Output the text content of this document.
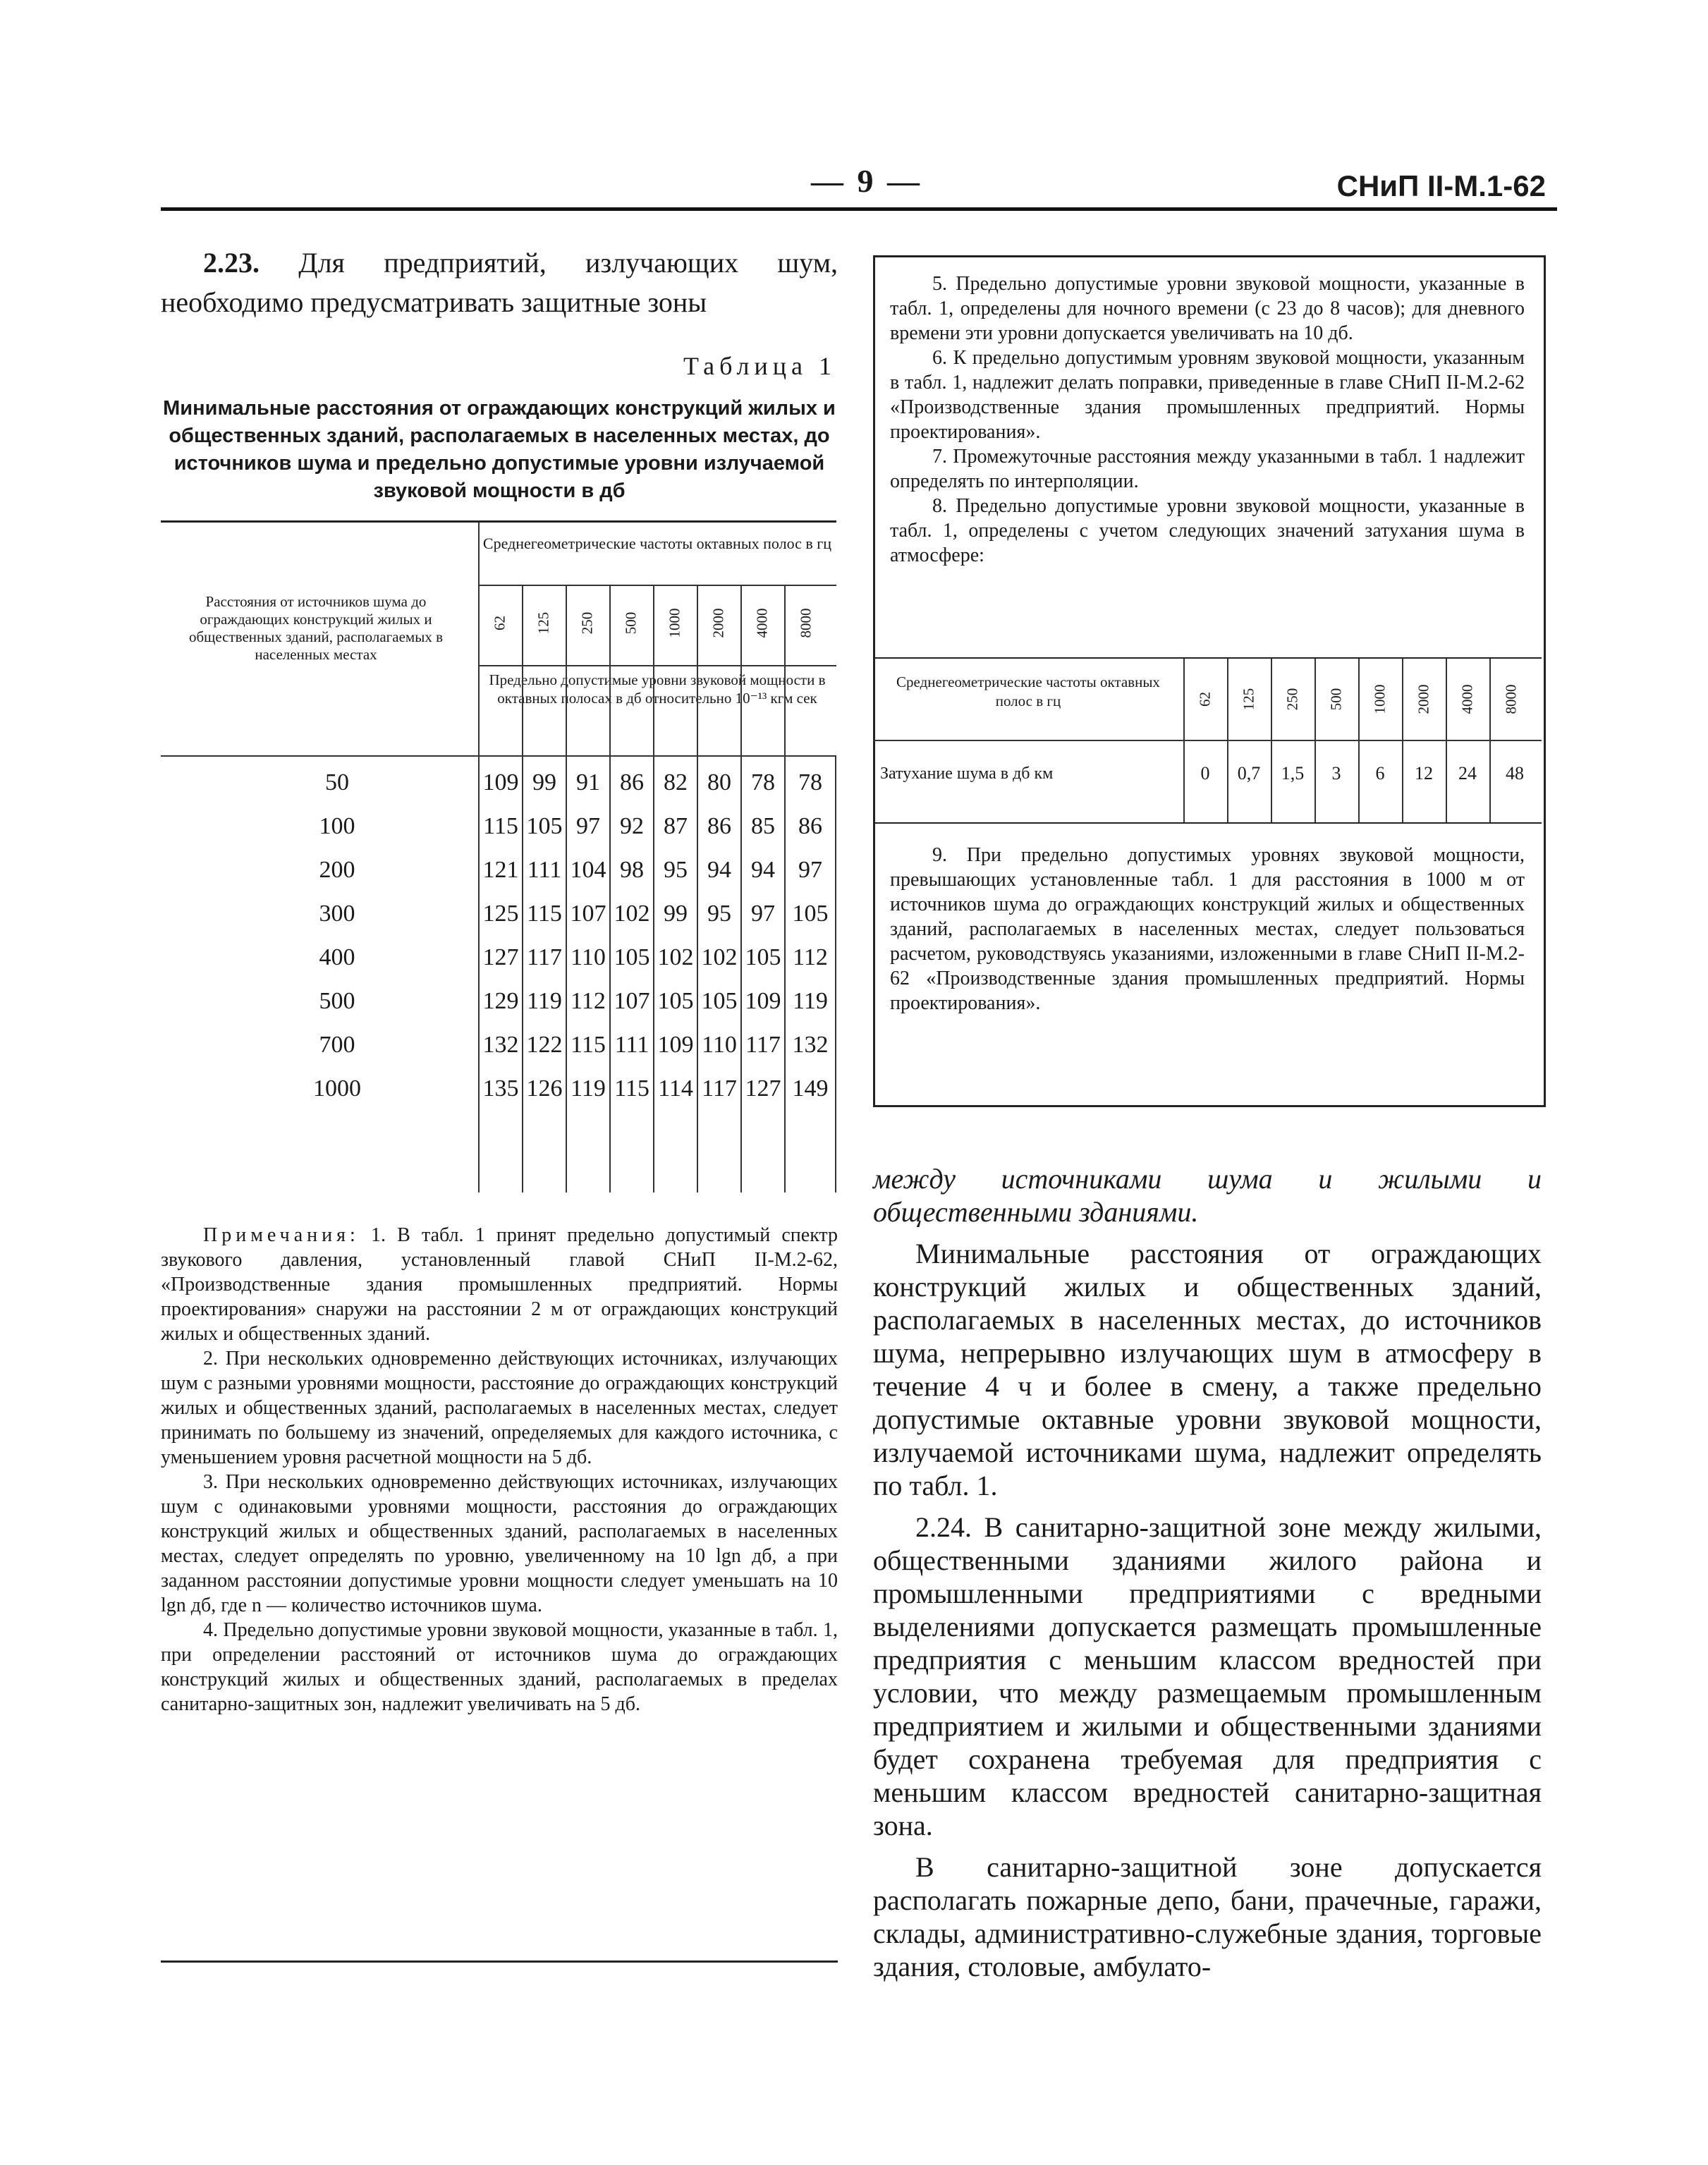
— 9 —	СНиП II-М.1-62
2.23. Для предприятий, излучающих шум, необходимо предусматривать защитные зоны
Таблица 1
Минимальные расстояния от ограждающих конструкций жилых и общественных зданий, располагаемых в населенных местах, до источников шума и предельно допустимые уровни излучаемой звуковой мощности в дб
Расстояния от источников шума до ограждающих конструкций жилых и общественных зданий, располагаемых в населенных местах
Среднегеометрические частоты октавных полос в гц
Предельно допустимые уровни звуковой мощности в октавных полосах в дб относительно 10⁻¹³ кгм сек
62 125 250 500 1000 2000 4000 8000
50	109 99 91 86 82 80 78 78
100	115 105 97 92 87 86 85 86
200	121 111 104 98 95 94 94 97
300	125 115 107 102 99 95 97 105
400	127 117 110 105 102 102 105 112
500	129 119 112 107 105 105 109 119
700	132 122 115 111 109 110 117 132
1000	135 126 119 115 114 117 127 149

Примечания: 1. В табл. 1 принят предельно допустимый спектр звукового давления, установленный главой СНиП II-М.2-62, «Производственные здания промышленных предприятий. Нормы проектирования» снаружи на расстоянии 2 м от ограждающих конструкций жилых и общественных зданий.

2. При нескольких одновременно действующих источниках, излучающих шум с разными уровнями мощности, расстояние до ограждающих конструкций жилых и общественных зданий, располагаемых в населенных местах, следует принимать по большему из значений, определяемых для каждого источника, с уменьшением уровня расчетной мощности на 5 дб.

3. При нескольких одновременно действующих источниках, излучающих шум с одинаковыми уровнями мощности, расстояния до ограждающих конструкций жилых и общественных зданий, располагаемых в населенных местах, следует определять по уровню, увеличенному на 10 lgn дб, а при заданном расстоянии допустимые уровни мощности следует уменьшать на 10 lgn дб, где n — количество источников шума.

4. Предельно допустимые уровни звуковой мощности, указанные в табл. 1, при определении расстояний от источников шума до ограждающих конструкций жилых и общественных зданий, располагаемых в пределах санитарно-защитных зон, надлежит увеличивать на 5 дб.

5. Предельно допустимые уровни звуковой мощности, указанные в табл. 1, определены для ночного времени (с 23 до 8 часов); для дневного времени эти уровни допускается увеличивать на 10 дб.

6. К предельно допустимым уровням звуковой мощности, указанным в табл. 1, надлежит делать поправки, приведенные в главе СНиП II-М.2-62 «Производственные здания промышленных предприятий. Нормы проектирования».

7. Промежуточные расстояния между указанными в табл. 1 надлежит определять по интерполяции.

8. Предельно допустимые уровни звуковой мощности, указанные в табл. 1, определены с учетом следующих значений затухания шума в атмосфере:

Среднегеометрические частоты октавных полос в гц	62 125 250 500 1000 2000 4000 8000
Затухание шума в дб км	0	0,7	1,5	3	6	12	24	48

9. При предельно допустимых уровнях звуковой мощности, превышающих установленные табл. 1 для расстояния в 1000 м от источников шума до ограждающих конструкций жилых и общественных зданий, располагаемых в населенных местах, следует пользоваться расчетом, руководствуясь указаниями, изложенными в главе СНиП II-М.2-62 «Производственные здания промышленных предприятий. Нормы проектирования».

между источниками шума и жилыми и общественными зданиями.

Минимальные расстояния от ограждающих конструкций жилых и общественных зданий, располагаемых в населенных местах, до источников шума, непрерывно излучающих шум в атмосферу в течение 4 ч и более в смену, а также предельно допустимые октавные уровни звуковой мощности, излучаемой источниками шума, надлежит определять по табл. 1.

2.24. В санитарно-защитной зоне между жилыми, общественными зданиями жилого района и промышленными предприятиями с вредными выделениями допускается размещать промышленные предприятия с меньшим классом вредностей при условии, что между размещаемым промышленным предприятием и жилыми и общественными зданиями будет сохранена требуемая для предприятия с меньшим классом вредностей санитарно-защитная зона.

В санитарно-защитной зоне допускается располагать пожарные депо, бани, прачечные, гаражи, склады, административно-служебные здания, торговые здания, столовые, амбулато-
